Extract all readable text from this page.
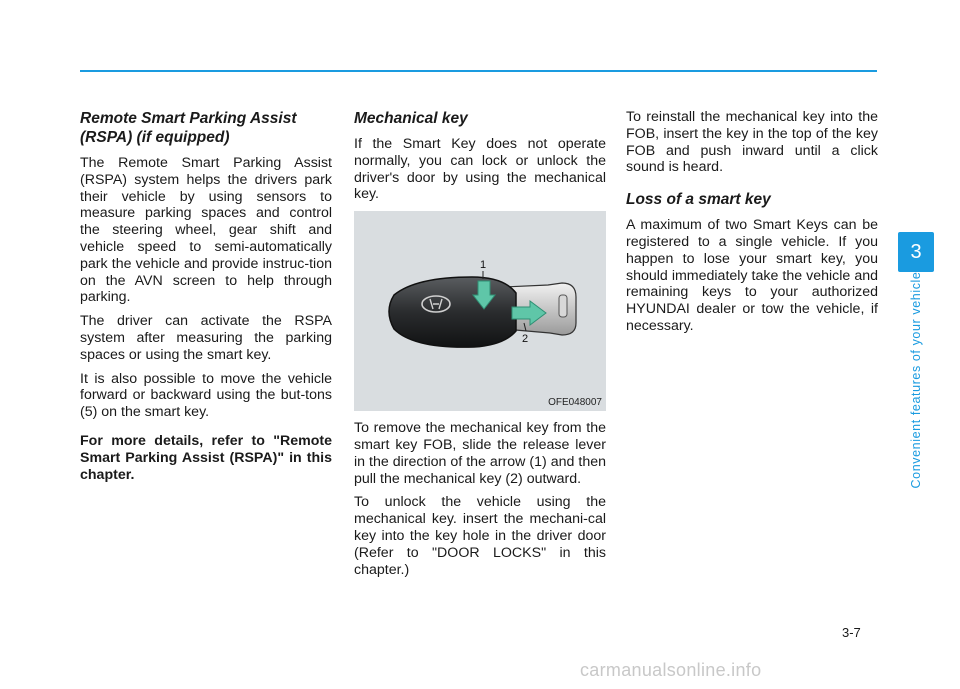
Remote Smart Parking Assist (RSPA) (if equipped)

The Remote Smart Parking Assist (RSPA) system helps the drivers park their vehicle by using sensors to measure parking spaces and control the steering wheel, gear shift and vehicle speed to semi-automatically park the vehicle and provide instruc-tion on the AVN screen to help through parking.

The driver can activate the RSPA system after measuring the parking spaces or using the smart key.

It is also possible to move the vehicle forward or backward using the but-tons (5) on the smart key.

For more details, refer to "Remote Smart Parking Assist (RSPA)" in this chapter.

Mechanical key

If the Smart Key does not operate normally, you can lock or unlock the driver's door by using the mechanical key.

1
2
OFE048007

To remove the mechanical key from the smart key FOB, slide the release lever in the direction of the arrow (1) and then pull the mechanical key (2) outward.

To unlock the vehicle using the mechanical key. insert the mechani-cal key into the key hole in the driver door (Refer to "DOOR LOCKS" in this chapter.)

To reinstall the mechanical key into the FOB, insert the key in the top of the key FOB and push inward until a click sound is heard.

Loss of a smart key

A maximum of two Smart Keys can be registered to a single vehicle. If you happen to lose your smart key, you should immediately take the vehicle and remaining keys to your authorized HYUNDAI dealer or tow the vehicle, if necessary.

3
Convenient features of your vehicle
3-7
carmanualsonline.info
